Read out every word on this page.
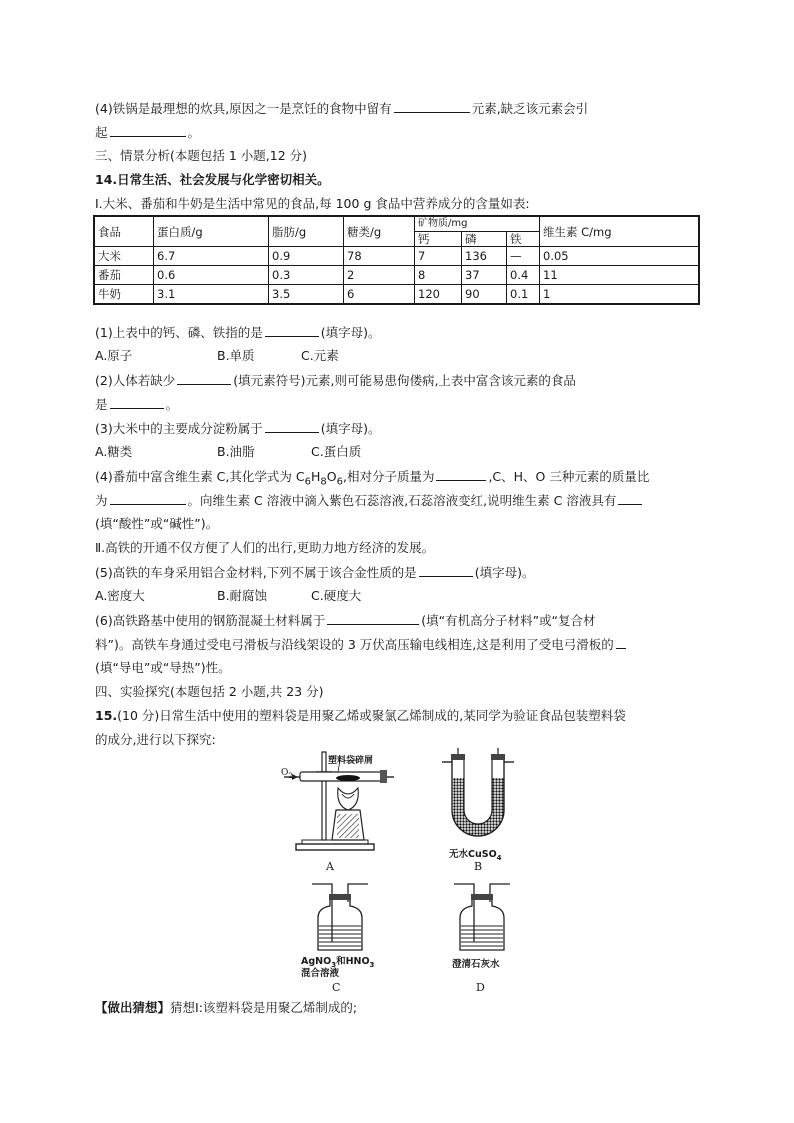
(4)铁锅是最理想的炊具,原因之一是烹饪的食物中留有	元素,缺乏该元素会引
起	。
三、情景分析(本题包括 1 小题,12 分)
14.日常生活、社会发展与化学密切相关。
Ⅰ.大米、番茄和牛奶是生活中常见的食品,每 100 g 食品中营养成分的含量如表:
食品	蛋白质/g	脂肪/g	糖类/g	矿物质/mg			维生素 C/mg
				钙	磷	铁	
大米	6.7	0.9	78	7	136	—	0.05
番茄	0.6	0.3	2	8	37	0.4	11
牛奶	3.1	3.5	6	120	90	0.1	1
(1)上表中的钙、磷、铁指的是	(填字母)。
A.原子	B.单质	C.元素
(2)人体若缺少	(填元素符号)元素,则可能易患佝偻病,上表中富含该元素的食品
是	。
(3)大米中的主要成分淀粉属于	(填字母)。
A.糖类	B.油脂	C.蛋白质
(4)番茄中富含维生素 C,其化学式为 $C_6H_8O_6$,相对分子质量为	,C、H、O 三种元素的质量比
为	。向维生素 C 溶液中滴入紫色石蕊溶液,石蕊溶液变红,说明维生素 C 溶液具有
(填“酸性”或“碱性”)。
Ⅱ.高铁的开通不仅方便了人们的出行,更助力地方经济的发展。
(5)高铁的车身采用铝合金材料,下列不属于该合金性质的是	(填字母)。
A.密度大	B.耐腐蚀	C.硬度大
(6)高铁路基中使用的钢筋混凝土材料属于	(填“有机高分子材料”或“复合材
料”)。高铁车身通过受电弓滑板与沿线架设的 3 万伏高压输电线相连,这是利用了受电弓滑板的
(填“导电”或“导热”)性。
四、实验探究(本题包括 2 小题,共 23 分)
15.(10 分)日常生活中使用的塑料袋是用聚乙烯或聚氯乙烯制成的,某同学为验证食品包装塑料袋
的成分,进行以下探究:
$O_2$
塑料袋碎屑
A
无水CuSO$_4$
B
AgNO$_3$和$HNO_3$
混合溶液
C
澄清石灰水
D
【做出猜想】猜想Ⅰ:该塑料袋是用聚乙烯制成的;
